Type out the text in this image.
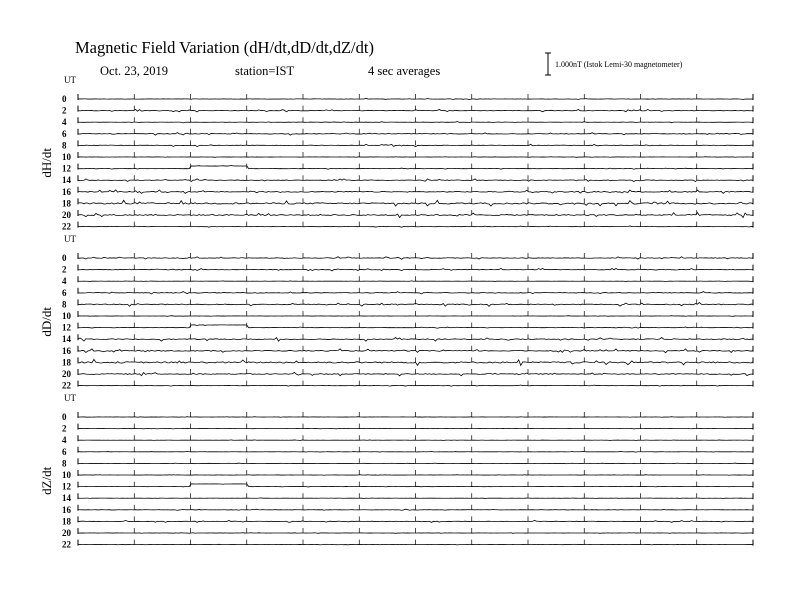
Magnetic Field Variation (dH/dt,dD/dt,dZ/dt)
Oct. 23, 2019	station=IST	4 sec averages	1.000nT (Istok Lemi-30 magnetometer)
UT
dH/dt
0
2
4
6
8
10
12
14
16
18
20
22
UT
dD/dt
0
2
4
6
8
10
12
14
16
18
20
22
UT
dZ/dt
0
2
4
6
8
10
12
14
16
18
20
22
